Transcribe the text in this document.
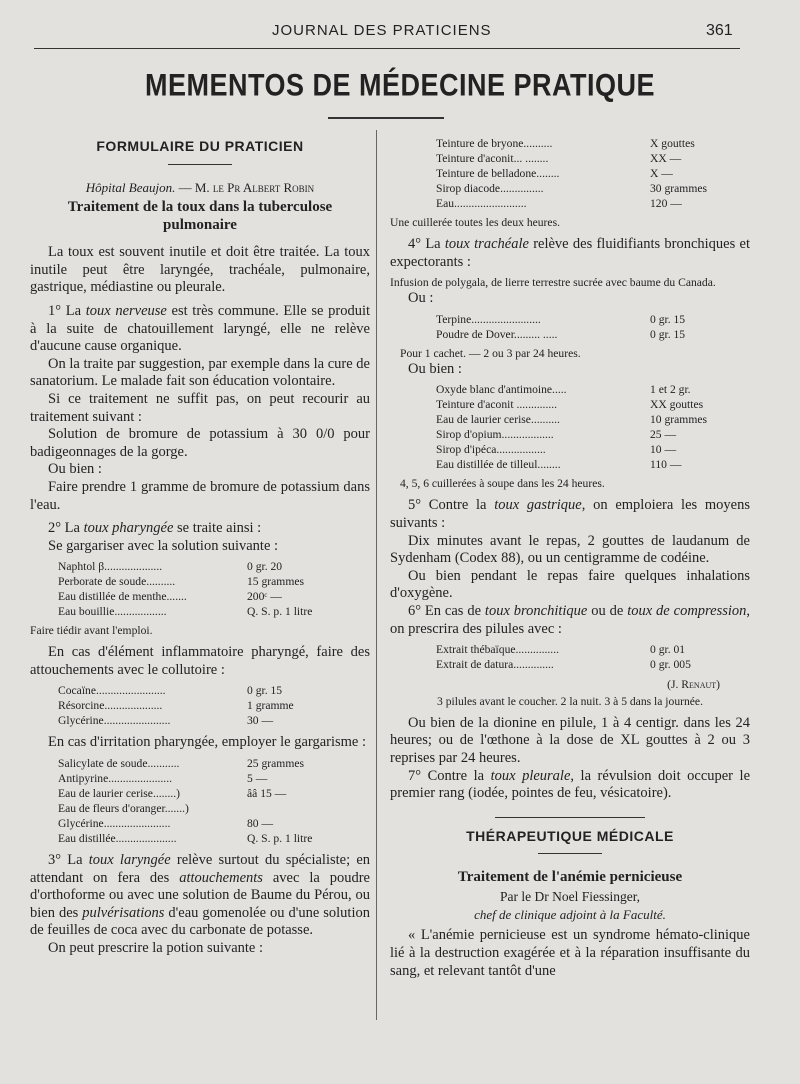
JOURNAL DES PRATICIENS	361
MEMENTOS DE MÉDECINE PRATIQUE
FORMULAIRE DU PRATICIEN
Hôpital Beaujon. — M. le Pr Albert Robin
Traitement de la toux dans la tuberculose pulmonaire

La toux est souvent inutile et doit être traitée. La toux inutile peut être laryngée, trachéale, pulmonaire, gastrique, médiastine ou pleurale.

1° La toux nerveuse est très commune. Elle se produit à la suite de chatouillement laryngé, elle ne relève d'aucune cause organique.

On la traite par suggestion, par exemple dans la cure de sanatorium. Le malade fait son éducation volontaire.

Si ce traitement ne suffit pas, on peut recourir au traitement suivant :

Solution de bromure de potassium à 30 0/0 pour badigeonnages de la gorge.

Ou bien :

Faire prendre 1 gramme de bromure de potassium dans l'eau.

2° La toux pharyngée se traite ainsi :

Se gargariser avec la solution suivante :

Naphtol β....................	0 gr. 20
Perborate de soude..........	15 grammes
Eau distillée de menthe.......	200ᶜ —
Eau bouillie..................	Q. S. p. 1 litre
Faire tiédir avant l'emploi.

En cas d'élément inflammatoire pharyngé, faire des attouchements avec le collutoire :

Cocaïne........................	0 gr. 15
Résorcine....................	1 gramme
Glycérine.......................	30 —

En cas d'irritation pharyngée, employer le gargarisme :

Salicylate de soude...........	25 grammes
Antipyrine......................	5 —
Eau de laurier cerise........)	ââ 15 —
Eau de fleurs d'oranger.......)	
Glycérine.......................	80 —
Eau distillée.....................	Q. S. p. 1 litre

3° La toux laryngée relève surtout du spécialiste; en attendant on fera des attouchements avec la poudre d'orthoforme ou avec une solution de Baume du Pérou, ou bien des pulvérisations d'eau gomenolée ou d'une solution de feuilles de coca avec du carbonate de potasse.

On peut prescrire la potion suivante :

Teinture de bryone..........	X gouttes
Teinture d'aconit... ........	XX —
Teinture de belladone........	X —
Sirop diacode...............	30 grammes
Eau.........................	120 —
Une cuillerée toutes les deux heures.

4° La toux trachéale relève des fluidifiants bronchiques et expectorants :

Infusion de polygala, de lierre terrestre sucrée avec baume du Canada.

Ou :

Terpine........................	0 gr. 15
Poudre de Dover......... .....	0 gr. 15
Pour 1 cachet. — 2 ou 3 par 24 heures.

Ou bien :

Oxyde blanc d'antimoine.....	1 et 2 gr.
Teinture d'aconit ..............	XX gouttes
Eau de laurier cerise..........	10 grammes
Sirop d'opium..................	25 —
Sirop d'ipéca.................	10 —
Eau distillée de tilleul........	110 —
4, 5, 6 cuillerées à soupe dans les 24 heures.

5° Contre la toux gastrique, on emploiera les moyens suivants :

Dix minutes avant le repas, 2 gouttes de laudanum de Sydenham (Codex 88), ou un centigramme de codéine.

Ou bien pendant le repas faire quelques inhalations d'oxygène.

6° En cas de toux bronchitique ou de toux de compression, on prescrira des pilules avec :

Extrait thébaïque...............	0 gr. 01
Extrait de datura..............	0 gr. 005
(J. Renaut)
3 pilules avant le coucher. 2 la nuit. 3 à 5 dans la journée.

Ou bien de la dionine en pilule, 1 à 4 centigr. dans les 24 heures; ou de l'œthone à la dose de XL gouttes à 2 ou 3 reprises par 24 heures.

7° Contre la toux pleurale, la révulsion doit occuper le premier rang (iodée, pointes de feu, vésicatoire).

THÉRAPEUTIQUE MÉDICALE
Traitement de l'anémie pernicieuse
Par le Dr Noel Fiessinger,
chef de clinique adjoint à la Faculté.

« L'anémie pernicieuse est un syndrome hémato-clinique lié à la destruction exagérée et à la réparation insuffisante du sang, et relevant tantôt d'une
